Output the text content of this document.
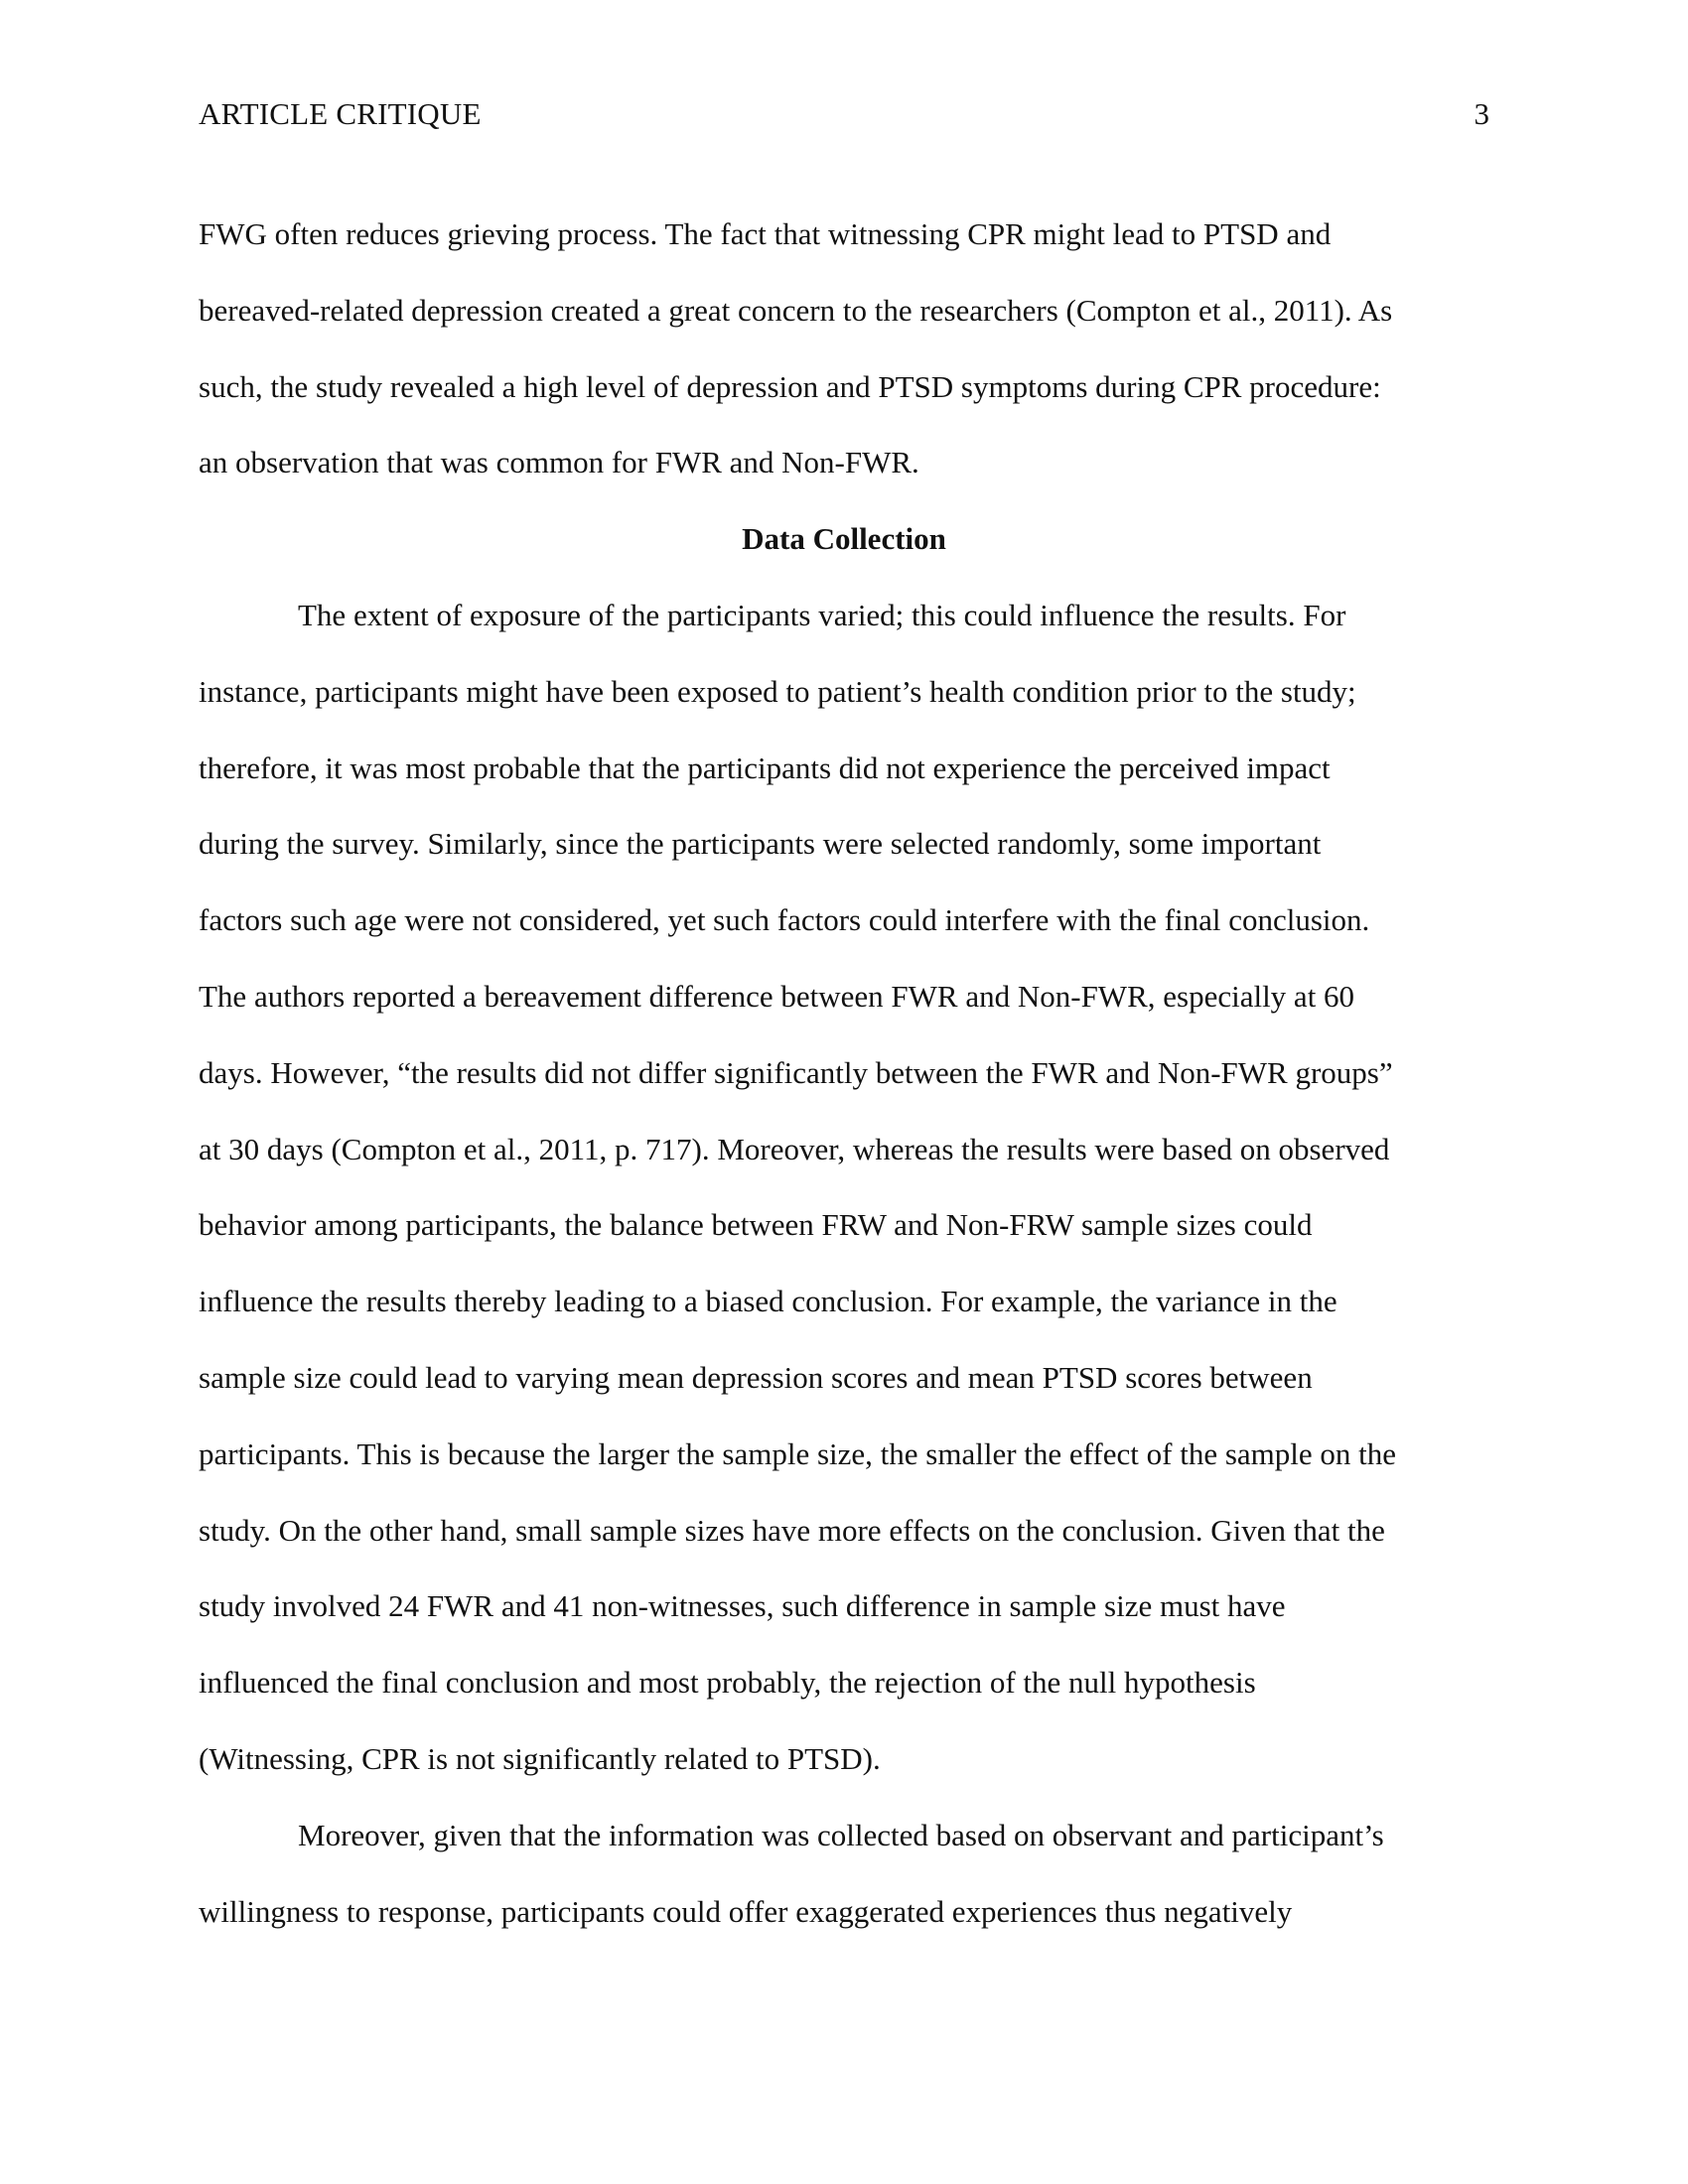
ARTICLE CRITIQUE	3
FWG often reduces grieving process. The fact that witnessing CPR might lead to PTSD and
bereaved-related depression created a great concern to the researchers (Compton et al., 2011). As
such, the study revealed a high level of depression and PTSD symptoms during CPR procedure:
an observation that was common for FWR and Non-FWR.
Data Collection
The extent of exposure of the participants varied; this could influence the results. For
instance, participants might have been exposed to patient’s health condition prior to the study;
therefore, it was most probable that the participants did not experience the perceived impact
during the survey. Similarly, since the participants were selected randomly, some important
factors such age were not considered, yet such factors could interfere with the final conclusion.
The authors reported a bereavement difference between FWR and Non-FWR, especially at 60
days. However, “the results did not differ significantly between the FWR and Non-FWR groups”
at 30 days (Compton et al., 2011, p. 717). Moreover, whereas the results were based on observed
behavior among participants, the balance between FRW and Non-FRW sample sizes could
influence the results thereby leading to a biased conclusion. For example, the variance in the
sample size could lead to varying mean depression scores and mean PTSD scores between
participants. This is because the larger the sample size, the smaller the effect of the sample on the
study. On the other hand, small sample sizes have more effects on the conclusion. Given that the
study involved 24 FWR and 41 non-witnesses, such difference in sample size must have
influenced the final conclusion and most probably, the rejection of the null hypothesis
(Witnessing, CPR is not significantly related to PTSD).
Moreover, given that the information was collected based on observant and participant’s
willingness to response, participants could offer exaggerated experiences thus negatively
